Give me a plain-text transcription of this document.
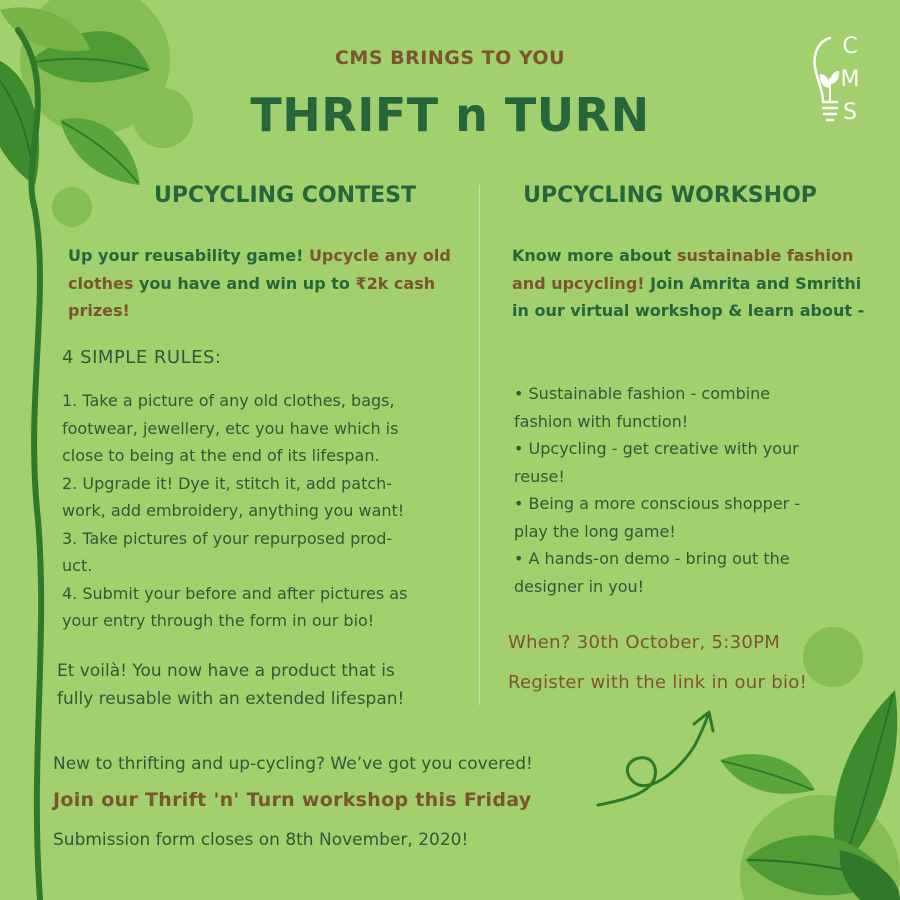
C
M
S
CMS BRINGS TO YOU
THRIFT n TURN
UPCYCLING CONTEST
Up your reusability game! Upcycle any old clothes you have and win up to ₹2k cash prizes!
4 SIMPLE RULES:
1. Take a picture of any old clothes, bags,
footwear, jewellery, etc you have which is
close to being at the end of its lifespan.
2. Upgrade it! Dye it, stitch it, add patch-
work, add embroidery, anything you want!
3. Take pictures of your repurposed prod-
uct.
4. Submit your before and after pictures as
your entry through the form in our bio!
Et voilà! You now have a product that is
fully reusable with an extended lifespan!
UPCYCLING WORKSHOP
Know more about sustainable fashion and upcycling! Join Amrita and Smrithi in our virtual workshop & learn about -
• Sustainable fashion - combine
fashion with function!
• Upcycling - get creative with your
reuse!
• Being a more conscious shopper -
play the long game!
• A hands-on demo - bring out the
designer in you!
When? 30th October, 5:30PM
Register with the link in our bio!
New to thrifting and up-cycling? We’ve got you covered!
Join our Thrift 'n' Turn workshop this Friday
Submission form closes on 8th November, 2020!
